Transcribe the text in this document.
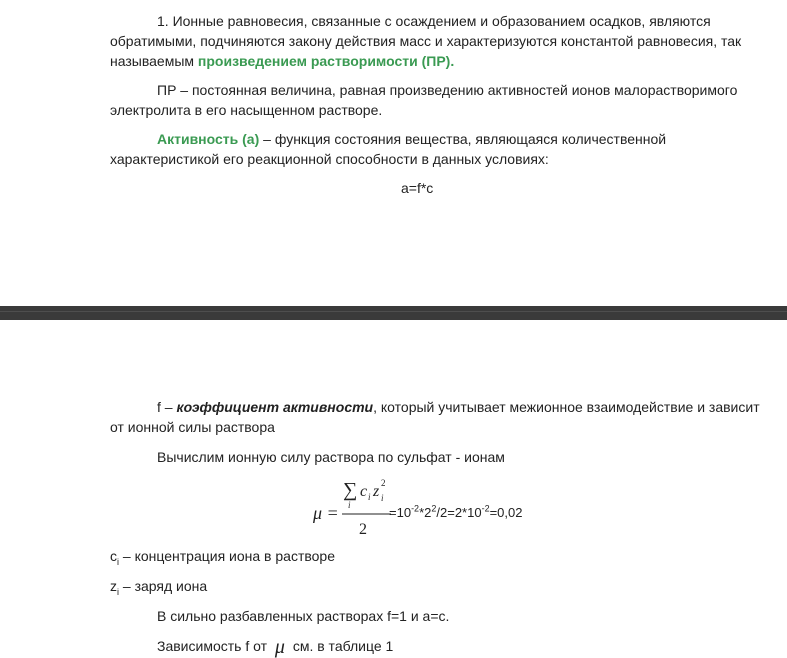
1. Ионные равновесия, связанные с осаждением и образованием осадков, являются
обратимыми, подчиняются закону действия масс и характеризуются константой равновесия, так
называемым произведением растворимости (ПР).
ПР – постоянная величина, равная произведению активностей ионов малорастворимого
электролита в его насыщенном растворе.
Активность (а) – функция состояния вещества, являющаяся количественной
характеристикой его реакционной способности в данных условиях:
a=f*c
f – коэффициент активности, который учитывает межионное взаимодействие и зависит
от ионной силы раствора
Вычислим ионную силу раствора по сульфат - ионам
μ =
∑
i
c i z 2
i
2
$=10^{-2}*2^2/2=2*10^{-2}=0,02$
$c_i$ – концентрация иона в растворе
$z_i$ – заряд иона
В сильно разбавленных растворах f=1 и a=c.
Зависимость f от μ см. в таблице 1
